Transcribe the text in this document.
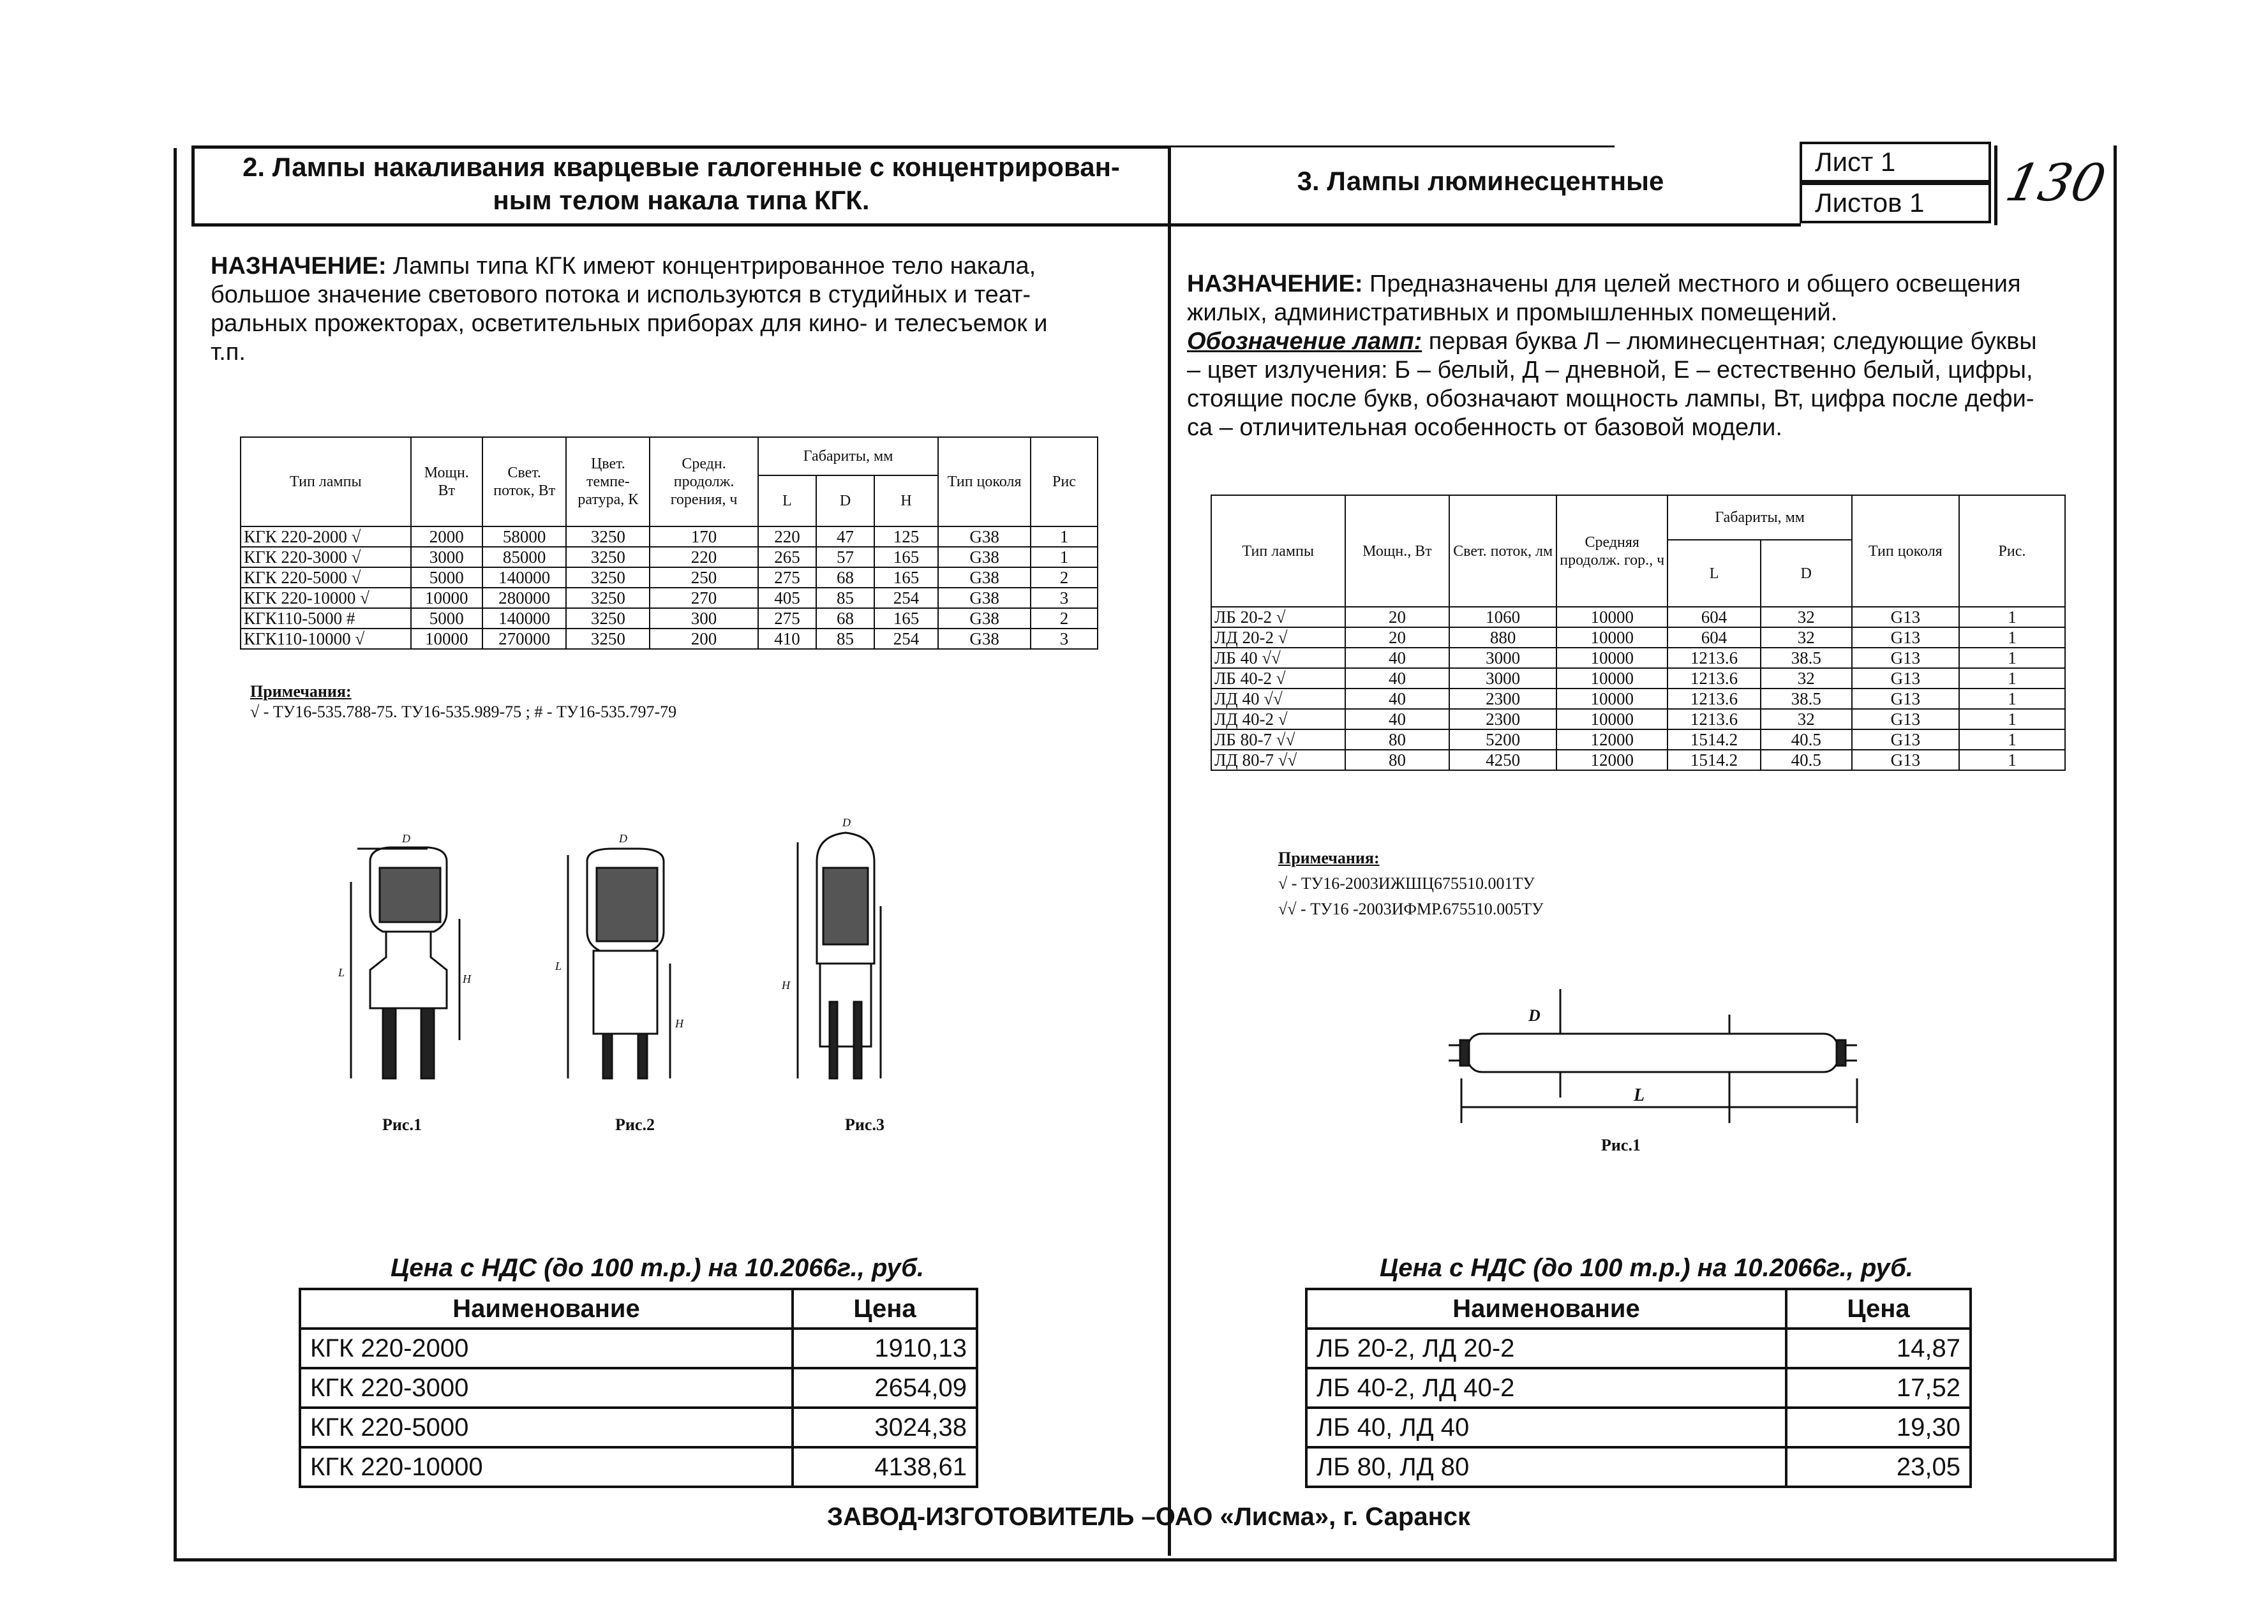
2. Лампы накаливания кварцевые галогенные с концентрирован-
ным телом накала типа КГК.
3. Лампы люминесцентные
Лист 1
Листов 1	130
НАЗНАЧЕНИЕ: Лампы типа КГК имеют концентрированное тело накала,
большое значение светового потока и используются в студийных и теат-
ральных прожекторах, осветительных приборах для кино- и телесъемок и
т.п.
НАЗНАЧЕНИЕ: Предназначены для целей местного и общего освещения
жилых, административных и промышленных помещений.
Обозначение ламп: первая буква Л – люминесцентная; следующие буквы
– цвет излучения: Б – белый, Д – дневной, Е – естественно белый, цифры,
стоящие после букв, обозначают мощность лампы, Вт, цифра после дефи-
са – отличительная особенность от базовой модели.
Тип лампы	Мощн. Вт	Свет. поток, Вт	Цвет. темпе- ратура, К	Средн. продолж. горения, ч	Габариты, мм			Тип цоколя	Рис
					L	D	H		
КГК 220-2000 √	2000	58000	3250	170	220	47	125	G38	1
КГК 220-3000 √	3000	85000	3250	220	265	57	165	G38	1
КГК 220-5000 √	5000	140000	3250	250	275	68	165	G38	2
КГК 220-10000 √	10000	280000	3250	270	405	85	254	G38	3
КГК110-5000 #	5000	140000	3250	300	275	68	165	G38	2
КГК110-10000 √	10000	270000	3250	200	410	85	254	G38	3
Примечания:
√ - ТУ16-535.788-75. ТУ16-535.989-75 ; # - ТУ16-535.797-79
D
L	H
D
L
H
D
H
Рис.1	Рис.2	Рис.3
Тип лампы	Мощн., Вт	Свет. поток, лм	Средняя продолж. гор., ч	Габариты, мм		Тип цоколя	Рис.
				L	D		
ЛБ 20-2 √	20	1060	10000	604	32	G13	1
ЛД 20-2 √	20	880	10000	604	32	G13	1
ЛБ 40 √√	40	3000	10000	1213.6	38.5	G13	1
ЛБ 40-2 √	40	3000	10000	1213.6	32	G13	1
ЛД 40 √√	40	2300	10000	1213.6	38.5	G13	1
ЛД 40-2 √	40	2300	10000	1213.6	32	G13	1
ЛБ 80-7 √√	80	5200	12000	1514.2	40.5	G13	1
ЛД 80-7 √√	80	4250	12000	1514.2	40.5	G13	1
Примечания:
√ - ТУ16-2003ИЖШЦ675510.001ТУ
√√ - ТУ16 -2003ИФМР.675510.005ТУ
D
L
Рис.1
Цена с НДС (до 100 т.р.) на 10.2066г., руб.
Наименование	Цена
КГК 220-2000	1910,13
КГК 220-3000	2654,09
КГК 220-5000	3024,38
КГК 220-10000	4138,61
Цена с НДС (до 100 т.р.) на 10.2066г., руб.
Наименование	Цена
ЛБ 20-2, ЛД 20-2	14,87
ЛБ 40-2, ЛД 40-2	17,52
ЛБ 40, ЛД 40	19,30
ЛБ 80, ЛД 80	23,05
ЗАВОД-ИЗГОТОВИТЕЛЬ –ОАО «Лисма», г. Саранск
